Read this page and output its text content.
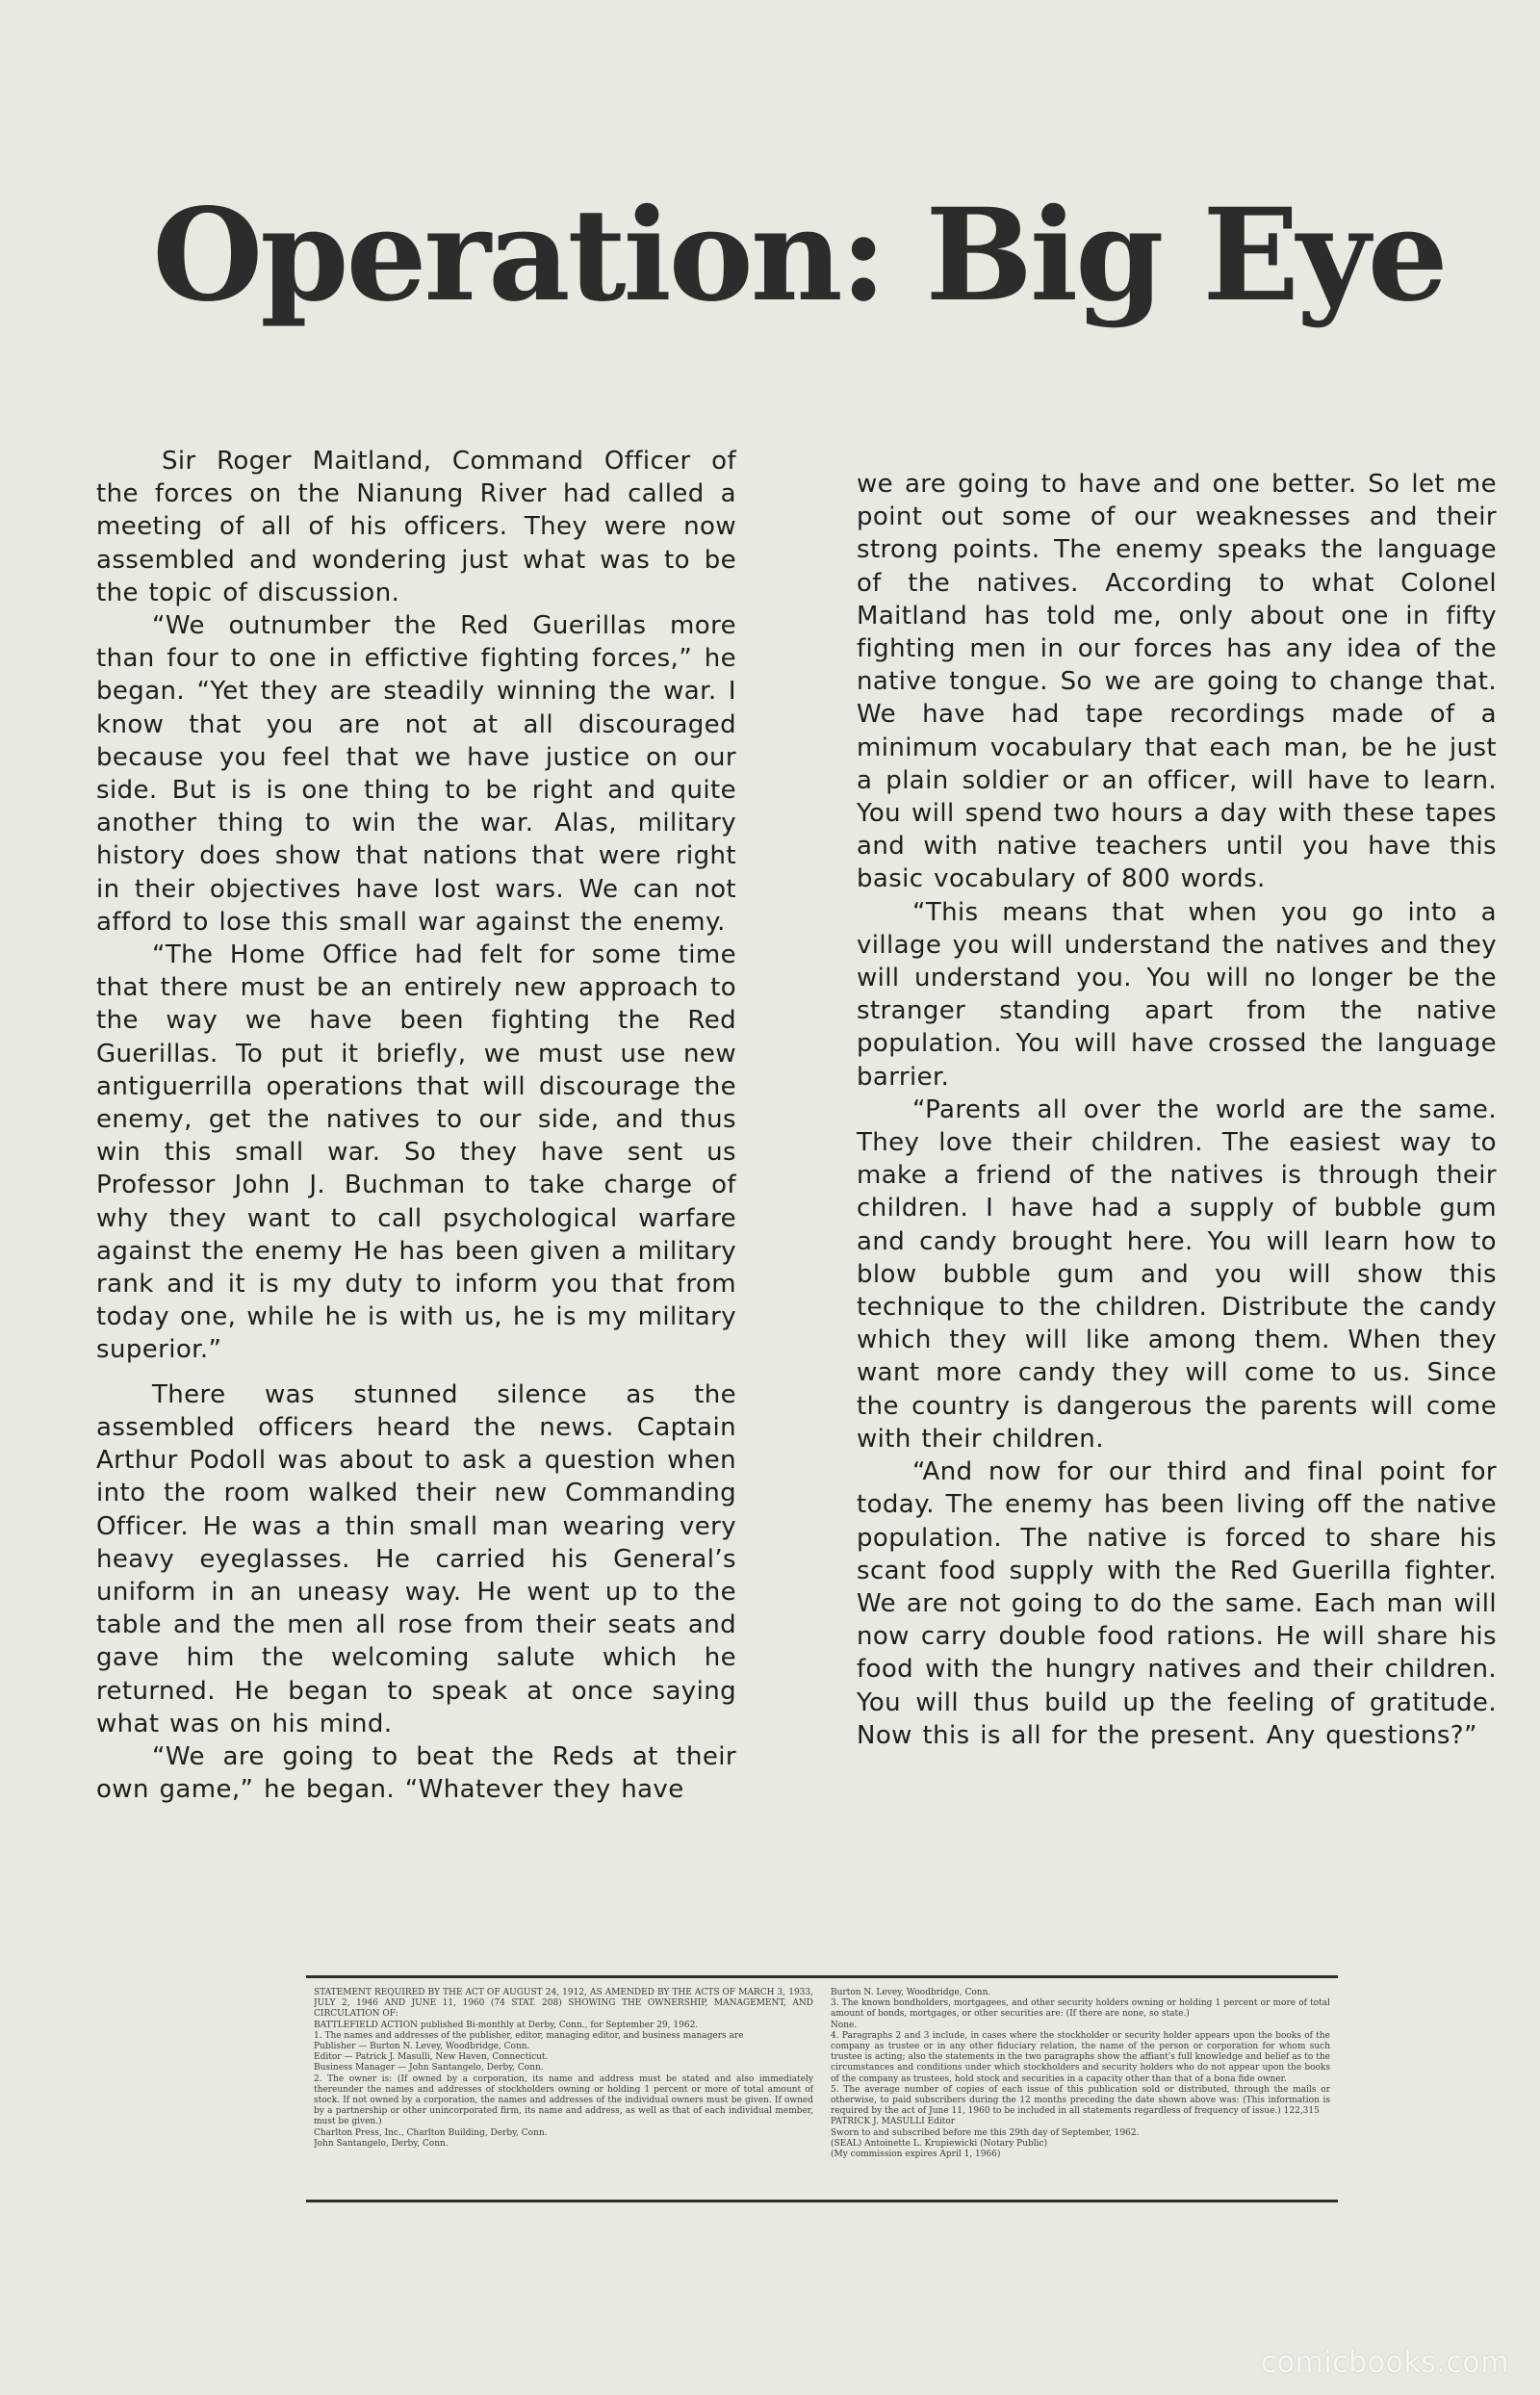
Operation: Big Eye

Sir Roger Maitland, Command Officer of the forces on the Nianung River had called a meeting of all of his officers. They were now assembled and wondering just what was to be the topic of discussion.

“We outnumber the Red Guerillas more than four to one in effictive fighting forces,” he began. “Yet they are steadily winning the war. I know that you are not at all discouraged because you feel that we have justice on our side. But is is one thing to be right and quite another thing to win the war. Alas, military history does show that nations that were right in their objectives have lost wars. We can not afford to lose this small war against the enemy.

“The Home Office had felt for some time that there must be an entirely new approach to the way we have been fighting the Red Guerillas. To put it briefly, we must use new antiguerrilla operations that will discourage the enemy, get the natives to our side, and thus win this small war. So they have sent us Professor John J. Buchman to take charge of why they want to call psychological warfare against the enemy He has been given a military rank and it is my duty to inform you that from today one, while he is with us, he is my military superior.”

There was stunned silence as the assembled officers heard the news. Captain Arthur Podoll was about to ask a question when into the room walked their new Commanding Officer. He was a thin small man wearing very heavy eyeglasses. He carried his General’s uniform in an uneasy way. He went up to the table and the men all rose from their seats and gave him the welcoming salute which he returned. He began to speak at once saying what was on his mind.

“We are going to beat the Reds at their own game,” he began. “Whatever they have

we are going to have and one better. So let me point out some of our weaknesses and their strong points. The enemy speaks the language of the natives. According to what Colonel Maitland has told me, only about one in fifty fighting men in our forces has any idea of the native tongue. So we are going to change that. We have had tape recordings made of a minimum vocabulary that each man, be he just a plain soldier or an officer, will have to learn. You will spend two hours a day with these tapes and with native teachers until you have this basic vocabulary of 800 words.

“This means that when you go into a village you will understand the natives and they will understand you. You will no longer be the stranger standing apart from the native population. You will have crossed the language barrier.

“Parents all over the world are the same. They love their children. The easiest way to make a friend of the natives is through their children. I have had a supply of bubble gum and candy brought here. You will learn how to blow bubble gum and you will show this technique to the children. Distribute the candy which they will like among them. When they want more candy they will come to us. Since the country is dangerous the parents will come with their children.

“And now for our third and final point for today. The enemy has been living off the native population. The native is forced to share his scant food supply with the Red Guerilla fighter. We are not going to do the same. Each man will now carry double food rations. He will share his food with the hungry natives and their children. You will thus build up the feeling of gratitude. Now this is all for the present. Any questions?”

STATEMENT REQUIRED BY THE ACT OF AUGUST 24, 1912, AS AMENDED BY THE ACTS OF MARCH 3, 1933, JULY 2, 1946 AND JUNE 11, 1960 (74 STAT. 208) SHOWING THE OWNERSHIP, MANAGEMENT, AND CIRCULATION OF:

BATTLEFIELD ACTION published Bi-monthly at Derby, Conn., for September 29, 1962.

1. The names and addresses of the publisher, editor, managing editor, and business managers are

Publisher — Burton N. Levey, Woodbridge, Conn.

Editor — Patrick J. Masulli, New Haven, Connecticut.

Business Manager — John Santangelo, Derby, Conn.

2. The owner is: (If owned by a corporation, its name and address must be stated and also immediately thereunder the names and addresses of stockholders owning or holding 1 percent or more of total amount of stock. If not owned by a corporation, the names and addresses of the individual owners must be given. If owned by a partnership or other unincorporated firm, its name and address, as well as that of each individual member, must be given.)

Charlton Press, Inc., Charlton Building, Derby, Conn.

John Santangelo, Derby, Conn.

Burton N. Levey, Woodbridge, Conn.

3. The known bondholders, mortgagees, and other security holders owning or holding 1 percent or more of total amount of bonds, mortgages, or other securities are: (If there are none, so state.)

None.

4. Paragraphs 2 and 3 include, in cases where the stockholder or security holder appears upon the books of the company as trustee or in any other fiduciary relation, the name of the person or corporation for whom such trustee is acting; also the statements in the two paragraphs show the affiant's full knowledge and belief as to the circumstances and conditions under which stockholders and security holders who do not appear upon the books of the company as trustees, hold stock and securities in a capacity other than that of a bona fide owner.

5. The average number of copies of each issue of this publication sold or distributed, through the mails or otherwise, to paid subscribers during the 12 months preceding the date shown above was: (This information is required by the act of June 11, 1960 to be included in all statements regardless of frequency of issue.) 122,315

PATRICK J. MASULLI Editor

Sworn to and subscribed before me this 29th day of September, 1962.

(SEAL) Antoinette L. Krupiewicki (Notary Public)

(My commission expires April 1, 1966)

comicbooks.com
